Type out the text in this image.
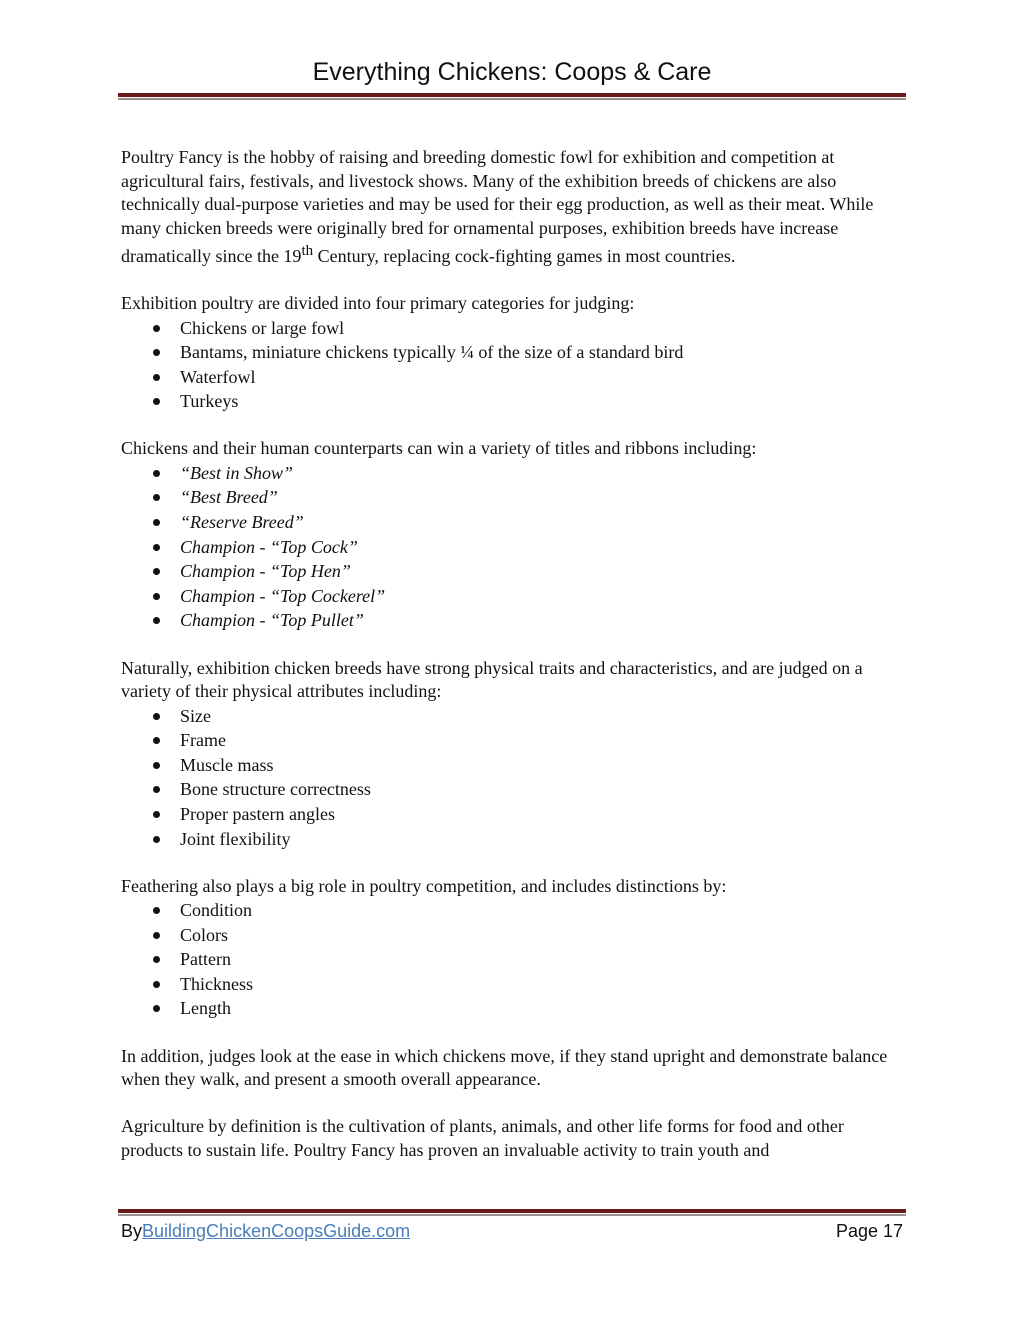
Everything Chickens: Coops & Care

Poultry Fancy is the hobby of raising and breeding domestic fowl for exhibition and competition at agricultural fairs, festivals, and livestock shows. Many of the exhibition breeds of chickens are also technically dual-purpose varieties and may be used for their egg production, as well as their meat. While many chicken breeds were originally bred for ornamental purposes, exhibition breeds have increase dramatically since the 19th Century, replacing cock-fighting games in most countries.

Exhibition poultry are divided into four primary categories for judging:

Chickens or large fowl
Bantams, miniature chickens typically ¼ of the size of a standard bird
Waterfowl
Turkeys

Chickens and their human counterparts can win a variety of titles and ribbons including:

“Best in Show”
“Best Breed”
“Reserve Breed”
Champion - “Top Cock”
Champion - “Top Hen”
Champion - “Top Cockerel”
Champion - “Top Pullet”

Naturally, exhibition chicken breeds have strong physical traits and characteristics, and are judged on a variety of their physical attributes including:

Size
Frame
Muscle mass
Bone structure correctness
Proper pastern angles
Joint flexibility

Feathering also plays a big role in poultry competition, and includes distinctions by:

Condition
Colors
Pattern
Thickness
Length

In addition, judges look at the ease in which chickens move, if they stand upright and demonstrate balance when they walk, and present a smooth overall appearance.

Agriculture by definition is the cultivation of plants, animals, and other life forms for food and other products to sustain life. Poultry Fancy has proven an invaluable activity to train youth and

ByBuildingChickenCoopsGuide.com	Page 17
